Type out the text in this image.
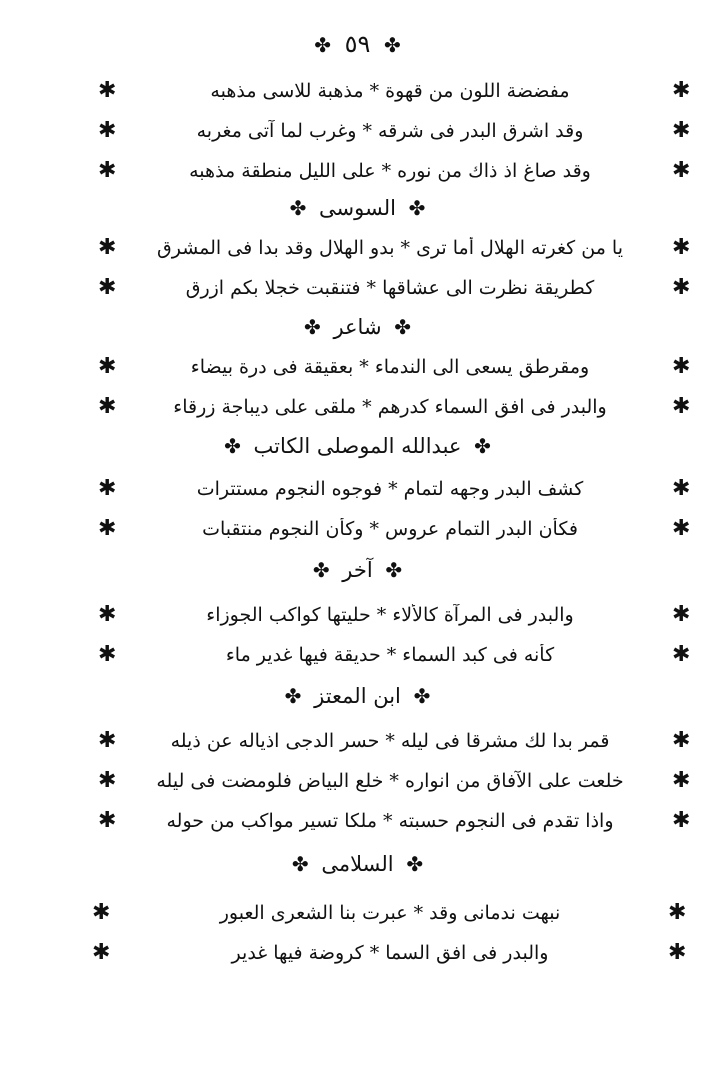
✤ ٥٩ ✤
✱
مفضضة اللون من قهوة * مذهبة للاسى مذهبه
✱
✱
وقد اشرق البدر فى شرقه * وغرب لما آتى مغربه
✱
✱
وقد صاغ اذ ذاك من نوره * على الليل منطقة مذهبه
✱
✤ السوسى ✤
✱
يا من كغرته الهلال أما ترى * بدو الهلال وقد بدا فى المشرق
✱
✱
كطريقة نظرت الى عشاقها * فتنقبت خجلا بكم ازرق
✱
✤ شاعر ✤
✱
ومقرطق يسعى الى الندماء * بعقيقة فى درة بيضاء
✱
✱
والبدر فى افق السماء كدرهم * ملقى على ديباجة زرقاء
✱
✤ عبدالله الموصلى الكاتب ✤
✱
كشف البدر وجهه لتمام * فوجوه النجوم مستترات
✱
✱
فكأن البدر التمام عروس * وكأن النجوم منتقبات
✱
✤ آخر ✤
✱
والبدر فى المرآة كالألاء * حليتها كواكب الجوزاء
✱
✱
كأنه فى كبد السماء * حديقة فيها غدير ماء
✱
✤ ابن المعتز ✤
✱
قمر بدا لك مشرقا فى ليله * حسر الدجى اذياله عن ذيله
✱
✱
خلعت على الآفاق من انواره * خلع البياض فلومضت فى ليله
✱
✱
واذا تقدم فى النجوم حسبته * ملكا تسير مواكب من حوله
✱
✤ السلامى ✤
✱
نبهت ندمانى وقد * عبرت بنا الشعرى العبور
✱
✱
والبدر فى افق السما * كروضة فيها غدير
✱
